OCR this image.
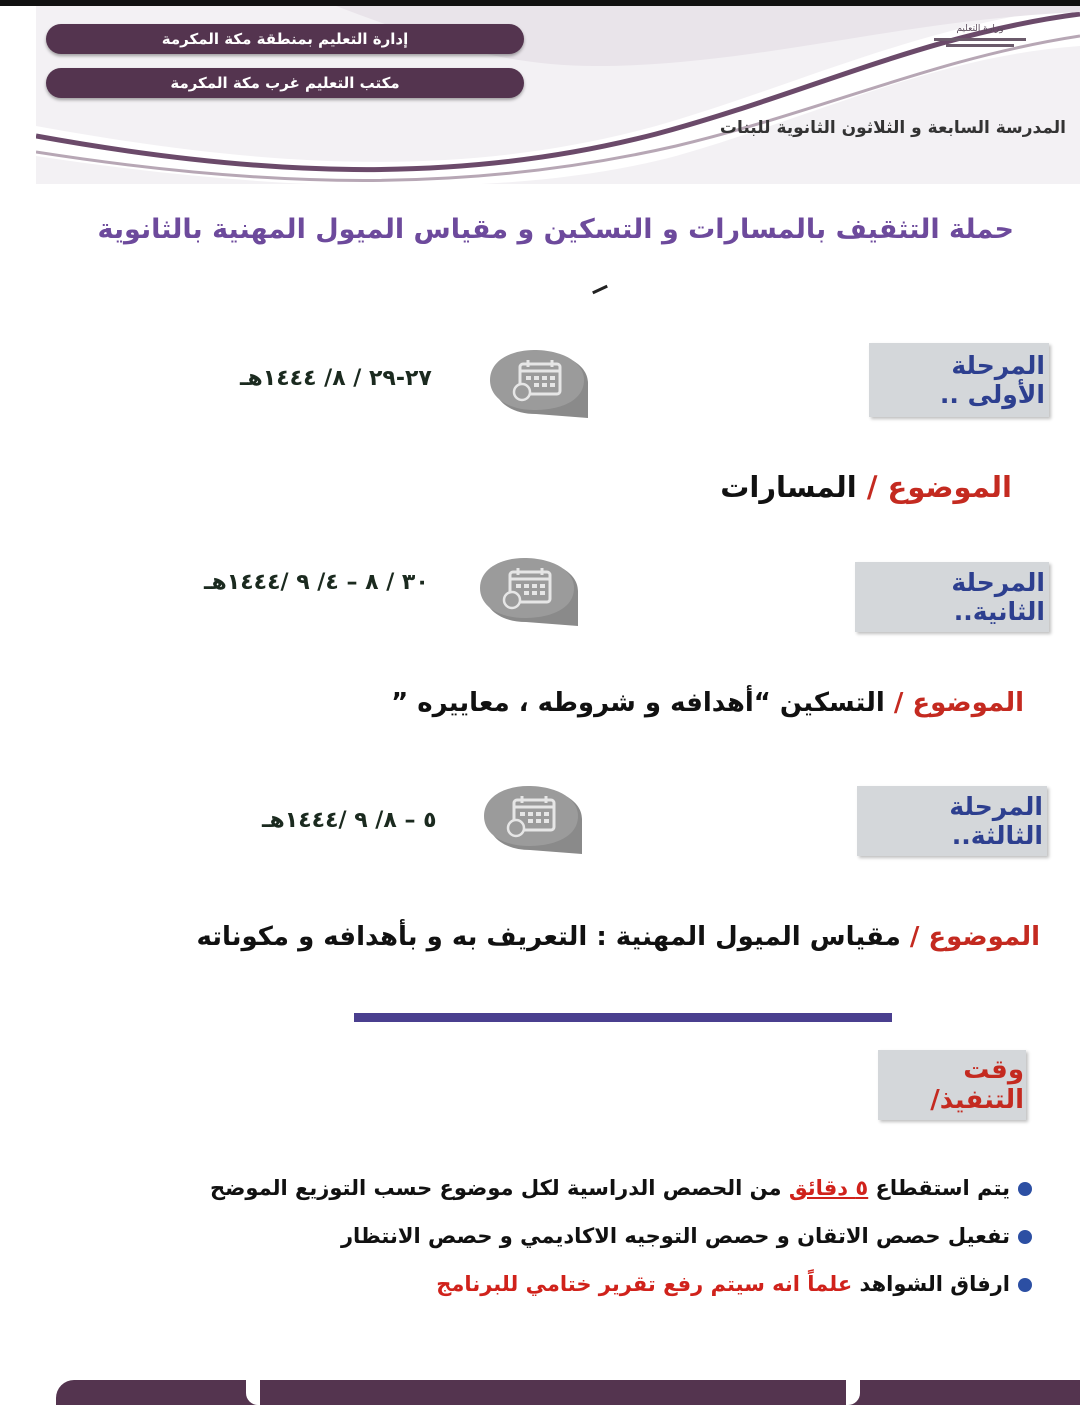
إدارة التعليم بمنطقة مكة المكرمة
مكتب التعليم غرب مكة المكرمة
وزارة التعليم
المدرسة السابعة و الثلاثون الثانوية للبنات
حملة التثقيف بالمسارات و التسكين و مقياس الميول المهنية بالثانوية
المرحلة الأولى ..
٢٧-٢٩ / ٨/ ١٤٤٤هـ
الموضوع / المسارات
المرحلة الثانية..
٣٠ / ٨ – ٤/ ٩ /١٤٤٤هـ
الموضوع / التسكين “أهدافه و شروطه ، معاييره ”
المرحلة الثالثة..
٥ – ٨/ ٩ /١٤٤٤هـ
الموضوع / مقياس الميول المهنية : التعريف به و بأهدافه و مكوناته
وقت التنفيذ/
يتم استقطاع ٥ دقائق من الحصص الدراسية لكل موضوع حسب التوزيع الموضح
تفعيل حصص الاتقان و حصص التوجيه الاكاديمي و حصص الانتظار
ارفاق الشواهد علماً انه سيتم رفع تقرير ختامي للبرنامج
